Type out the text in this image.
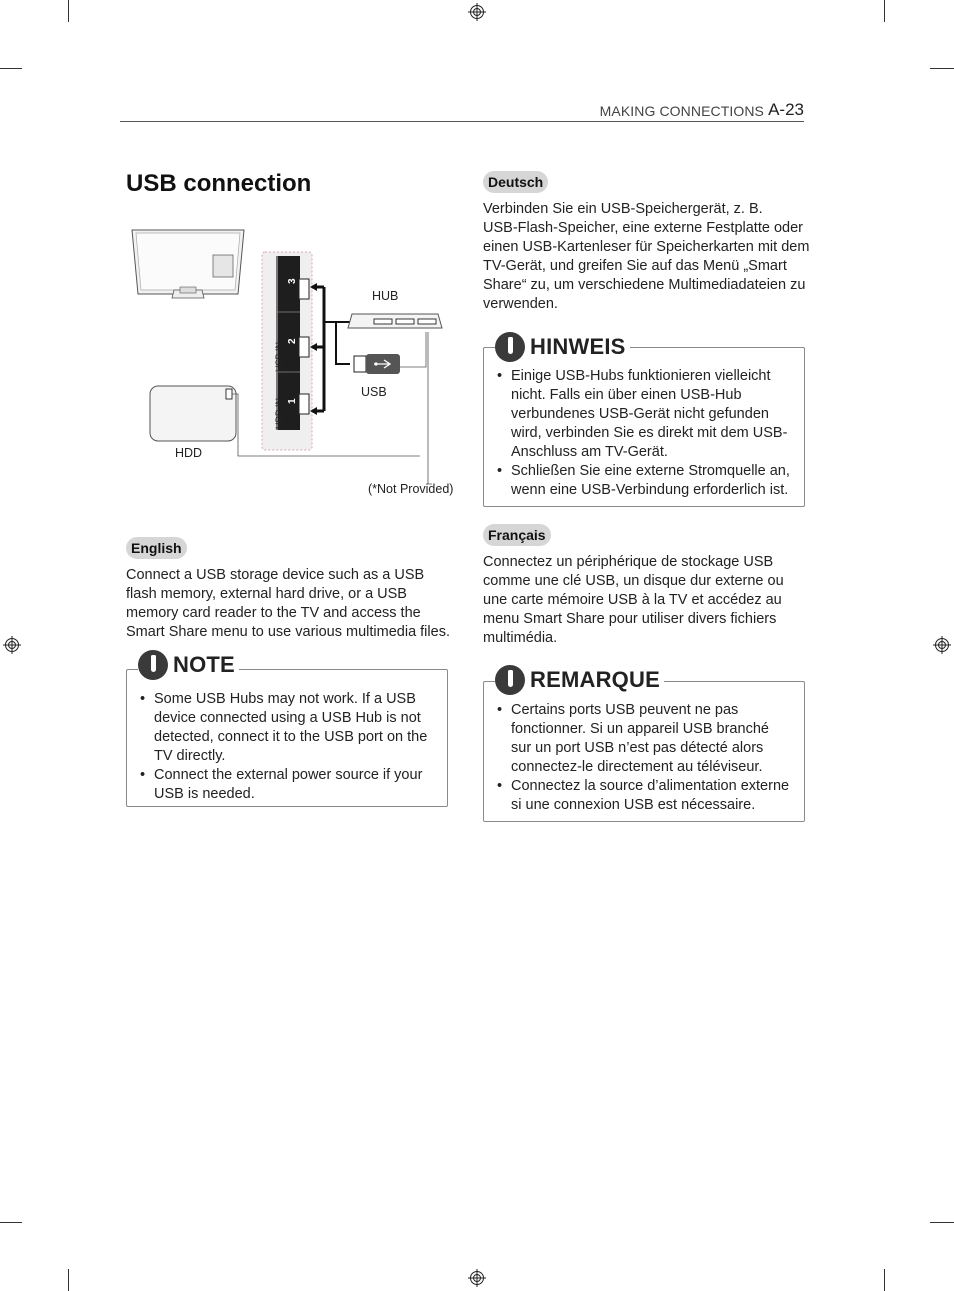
MAKING CONNECTIONS A-23
USB connection
USB IN
HDD IN
3
2
1
HUB
USB
HDD
(*Not Provided)
English
Connect a USB storage device such as a USB
flash memory, external hard drive, or a USB
memory card reader to the TV and access the
Smart Share menu to use various multimedia files.
NOTE
• Some USB Hubs may not work. If a USB
device connected using a USB Hub is not
detected, connect it to the USB port on the
TV directly.
• Connect the external power source if your
USB is needed.
Deutsch
Verbinden Sie ein USB-Speichergerät, z. B.
USB-Flash-Speicher, eine externe Festplatte oder
einen USB-Kartenleser für Speicherkarten mit dem
TV-Gerät, und greifen Sie auf das Menü „Smart
Share“ zu, um verschiedene Multimediadateien zu
verwenden.
HINWEIS
• Einige USB-Hubs funktionieren vielleicht
nicht. Falls ein über einen USB-Hub
verbundenes USB-Gerät nicht gefunden
wird, verbinden Sie es direkt mit dem USB-
Anschluss am TV-Gerät.
• Schließen Sie eine externe Stromquelle an,
wenn eine USB-Verbindung erforderlich ist.
Français
Connectez un périphérique de stockage USB
comme une clé USB, un disque dur externe ou
une carte mémoire USB à la TV et accédez au
menu Smart Share pour utiliser divers fichiers
multimédia.
REMARQUE
• Certains ports USB peuvent ne pas
fonctionner. Si un appareil USB branché
sur un port USB n’est pas détecté alors
connectez-le directement au téléviseur.
• Connectez la source d’alimentation externe
si une connexion USB est nécessaire.
